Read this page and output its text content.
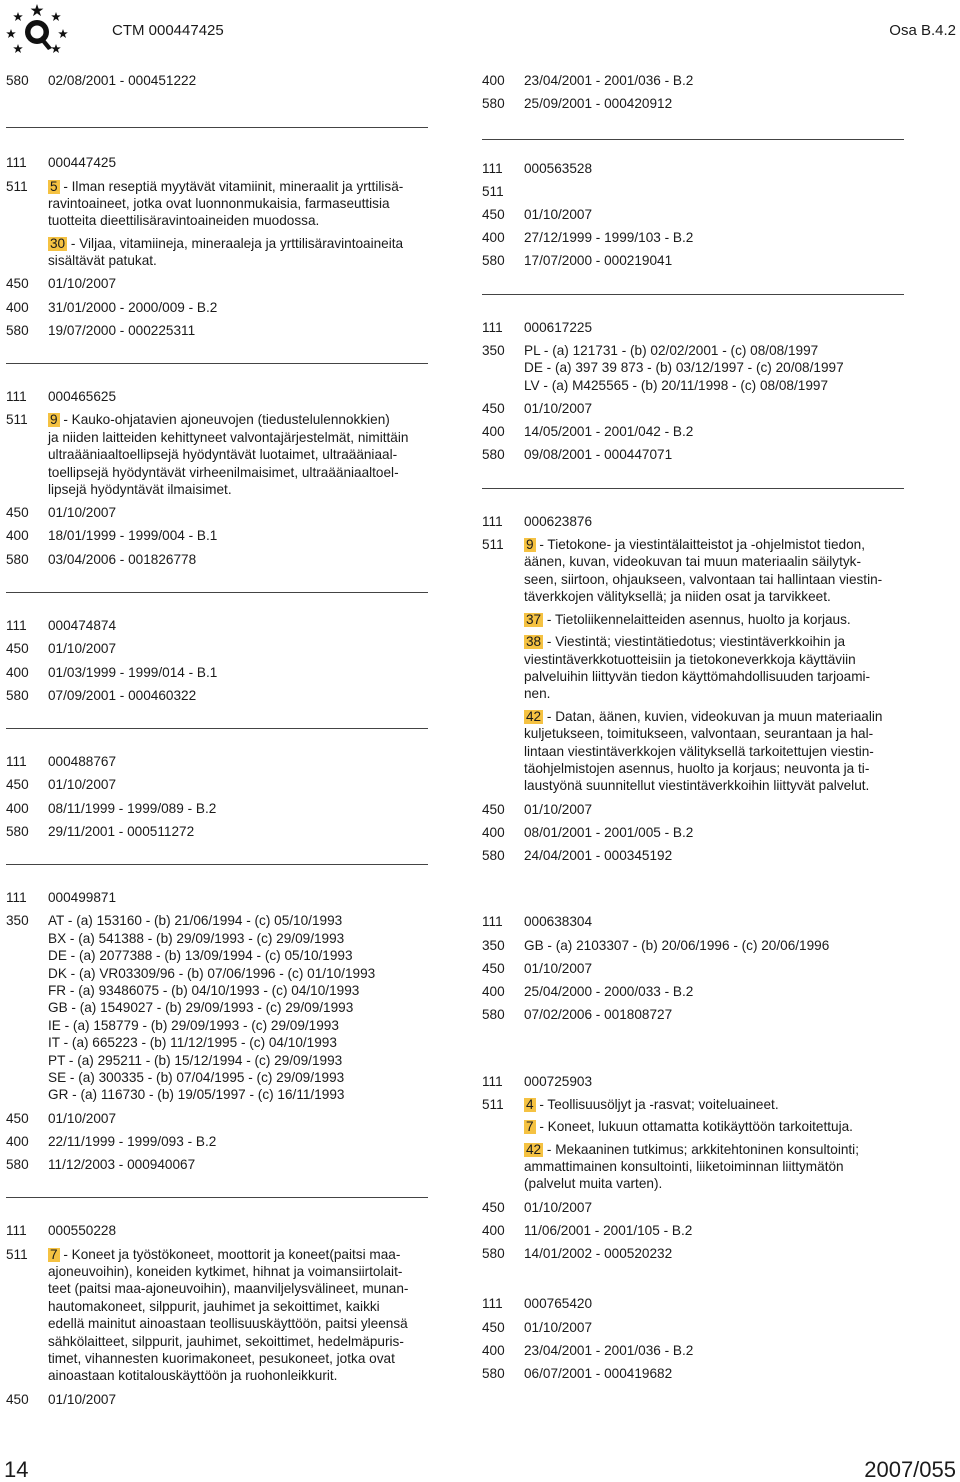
CTM 000447425	Osa B.4.2
580	02/08/2001 - 000451222
111	000447425
511	5 - Ilman reseptiä myytävät vitamiinit, mineraalit ja yrttilisä-
ravintoaineet, jotka ovat luonnonmukaisia, farmaseuttisia
tuotteita dieettilisäravintoaineiden muodossa.
30 - Viljaa, vitamiineja, mineraaleja ja yrttilisäravintoaineita
sisältävät patukat.
450	01/10/2007
400	31/01/2000 - 2000/009 - B.2
580	19/07/2000 - 000225311
111	000465625
511	9 - Kauko-ohjatavien ajoneuvojen (tiedustelulennokkien)
ja niiden laitteiden kehittyneet valvontajärjestelmät, nimittäin
ultraääniaaltoellipsejä hyödyntävät luotaimet, ultraääniaal-
toellipsejä hyödyntävät virheenilmaisimet, ultraääniaaltoel-
lipsejä hyödyntävät ilmaisimet.
450	01/10/2007
400	18/01/1999 - 1999/004 - B.1
580	03/04/2006 - 001826778
111	000474874
450	01/10/2007
400	01/03/1999 - 1999/014 - B.1
580	07/09/2001 - 000460322
111	000488767
450	01/10/2007
400	08/11/1999 - 1999/089 - B.2
580	29/11/2001 - 000511272
111	000499871
350	AT - (a) 153160 - (b) 21/06/1994 - (c) 05/10/1993
BX - (a) 541388 - (b) 29/09/1993 - (c) 29/09/1993
DE - (a) 2077388 - (b) 13/09/1994 - (c) 05/10/1993
DK - (a) VR03309/96 - (b) 07/06/1996 - (c) 01/10/1993
FR - (a) 93486075 - (b) 04/10/1993 - (c) 04/10/1993
GB - (a) 1549027 - (b) 29/09/1993 - (c) 29/09/1993
IE - (a) 158779 - (b) 29/09/1993 - (c) 29/09/1993
IT - (a) 665223 - (b) 11/12/1995 - (c) 04/10/1993
PT - (a) 295211 - (b) 15/12/1994 - (c) 29/09/1993
SE - (a) 300335 - (b) 07/04/1995 - (c) 29/09/1993
GR - (a) 116730 - (b) 19/05/1997 - (c) 16/11/1993
450	01/10/2007
400	22/11/1999 - 1999/093 - B.2
580	11/12/2003 - 000940067
111	000550228
511	7 - Koneet ja työstökoneet, moottorit ja koneet(paitsi maa-
ajoneuvoihin), koneiden kytkimet, hihnat ja voimansiirtolait-
teet (paitsi maa-ajoneuvoihin), maanviljelysvälineet, munan-
hautomakoneet, silppurit, jauhimet ja sekoittimet, kaikki
edellä mainitut ainoastaan teollisuuskäyttöön, paitsi yleensä
sähkölaitteet, silppurit, jauhimet, sekoittimet, hedelmäpuris-
timet, vihannesten kuorimakoneet, pesukoneet, jotka ovat
ainoastaan kotitalouskäyttöön ja ruohonleikkurit.
450	01/10/2007
400	23/04/2001 - 2001/036 - B.2
580	25/09/2001 - 000420912
111	000563528
511
450	01/10/2007
400	27/12/1999 - 1999/103 - B.2
580	17/07/2000 - 000219041
111	000617225
350	PL - (a) 121731 - (b) 02/02/2001 - (c) 08/08/1997
DE - (a) 397 39 873 - (b) 03/12/1997 - (c) 20/08/1997
LV - (a) M425565 - (b) 20/11/1998 - (c) 08/08/1997
450	01/10/2007
400	14/05/2001 - 2001/042 - B.2
580	09/08/2001 - 000447071
111	000623876
511	9 - Tietokone- ja viestintälaitteistot ja -ohjelmistot tiedon,
äänen, kuvan, videokuvan tai muun materiaalin säilytyk-
seen, siirtoon, ohjaukseen, valvontaan tai hallintaan viestin-
täverkkojen välityksellä; ja niiden osat ja tarvikkeet.
37 - Tietoliikennelaitteiden asennus, huolto ja korjaus.
38 - Viestintä; viestintätiedotus; viestintäverkkoihin ja
viestintäverkkotuotteisiin ja tietokoneverkkoja käyttäviin
palveluihin liittyvän tiedon käyttömahdollisuuden tarjoami-
nen.
42 - Datan, äänen, kuvien, videokuvan ja muun materiaalin
kuljetukseen, toimitukseen, valvontaan, seurantaan ja hal-
lintaan viestintäverkkojen välityksellä tarkoitettujen viestin-
täohjelmistojen asennus, huolto ja korjaus; neuvonta ja ti-
laustyönä suunnitellut viestintäverkkoihin liittyvät palvelut.
450	01/10/2007
400	08/01/2001 - 2001/005 - B.2
580	24/04/2001 - 000345192
111	000638304
350	GB - (a) 2103307 - (b) 20/06/1996 - (c) 20/06/1996
450	01/10/2007
400	25/04/2000 - 2000/033 - B.2
580	07/02/2006 - 001808727
111	000725903
511	4 - Teollisuusöljyt ja -rasvat; voiteluaineet.
7 - Koneet, lukuun ottamatta kotikäyttöön tarkoitettuja.
42 - Mekaaninen tutkimus; arkkitehtoninen konsultointi;
ammattimainen konsultointi, liiketoiminnan liittymätön
(palvelut muita varten).
450	01/10/2007
400	11/06/2001 - 2001/105 - B.2
580	14/01/2002 - 000520232
111	000765420
450	01/10/2007
400	23/04/2001 - 2001/036 - B.2
580	06/07/2001 - 000419682
14	2007/055
